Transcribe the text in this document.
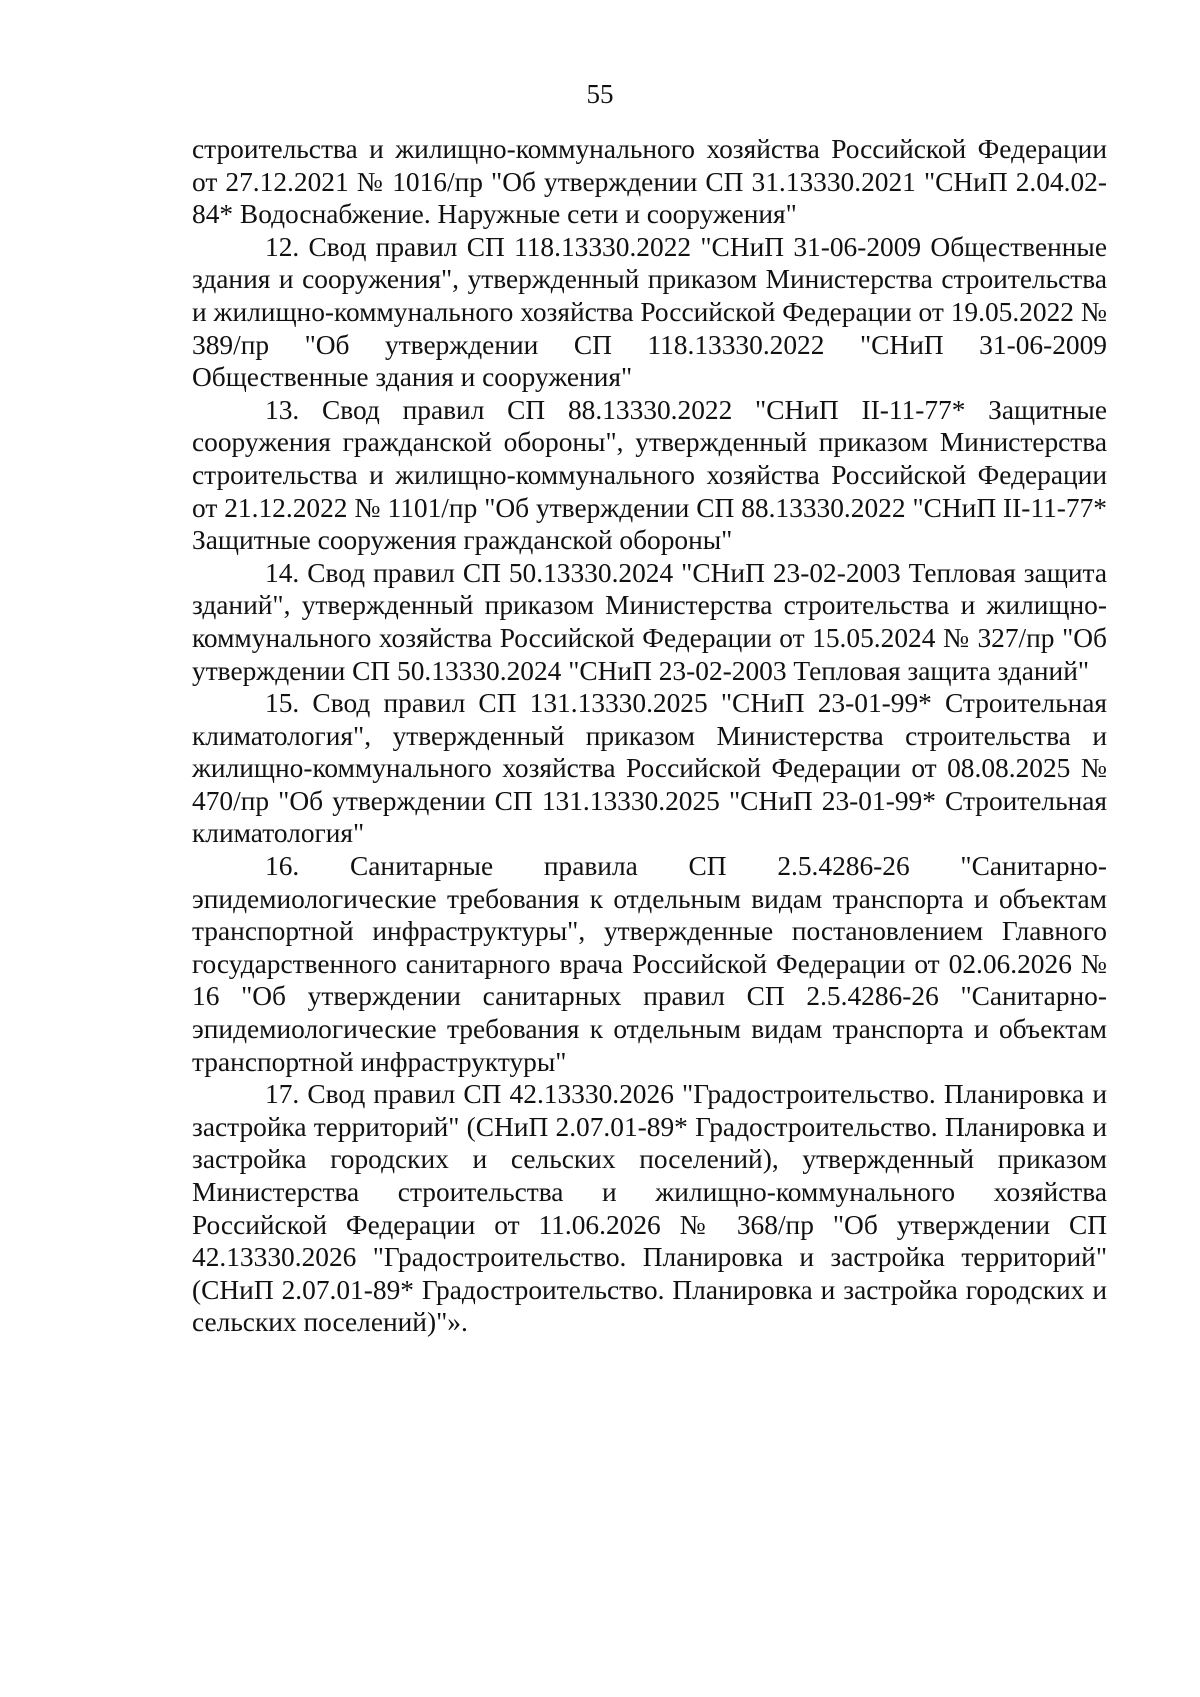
55

строительства и жилищно-коммунального хозяйства Российской Федерации от 27.12.2021 № 1016/пр "Об утверждении СП 31.13330.2021 "СНиП 2.04.02-84* Водоснабжение. Наружные сети и сооружения"

12. Свод правил СП 118.13330.2022 "СНиП 31-06-2009 Общественные здания и сооружения", утвержденный приказом Министерства строительства и жилищно-коммунального хозяйства Российской Федерации от 19.05.2022 № 389/пр "Об утверждении СП 118.13330.2022 "СНиП 31-06-2009 Общественные здания и сооружения"

13. Свод правил СП 88.13330.2022 "СНиП II-11-77* Защитные сооружения гражданской обороны", утвержденный приказом Министерства строительства и жилищно-коммунального хозяйства Российской Федерации от 21.12.2022 № 1101/пр "Об утверждении СП 88.13330.2022 "СНиП II-11-77* Защитные сооружения гражданской обороны"

14. Свод правил СП 50.13330.2024 "СНиП 23-02-2003 Тепловая защита зданий", утвержденный приказом Министерства строительства и жилищно-коммунального хозяйства Российской Федерации от 15.05.2024 № 327/пр "Об утверждении СП 50.13330.2024 "СНиП 23-02-2003 Тепловая защита зданий"

15. Свод правил СП 131.13330.2025 "СНиП 23-01-99* Строительная климатология", утвержденный приказом Министерства строительства и жилищно-коммунального хозяйства Российской Федерации от 08.08.2025 № 470/пр "Об утверждении СП 131.13330.2025 "СНиП 23-01-99* Строительная климатология"

16. Санитарные правила СП 2.5.4286-26 "Санитарно-эпидемиологические требования к отдельным видам транспорта и объектам транспортной инфраструктуры", утвержденные постановлением Главного государственного санитарного врача Российской Федерации от 02.06.2026 № 16 "Об утверждении санитарных правил СП 2.5.4286-26 "Санитарно-эпидемиологические требования к отдельным видам транспорта и объектам транспортной инфраструктуры"

17. Свод правил СП 42.13330.2026 "Градостроительство. Планировка и застройка территорий" (СНиП 2.07.01-89* Градостроительство. Планировка и застройка городских и сельских поселений), утвержденный приказом Министерства строительства и жилищно-коммунального хозяйства Российской Федерации от 11.06.2026 № 368/пр "Об утверждении СП 42.13330.2026 "Градостроительство. Планировка и застройка территорий" (СНиП 2.07.01-89* Градостроительство. Планировка и застройка городских и сельских поселений)"».
